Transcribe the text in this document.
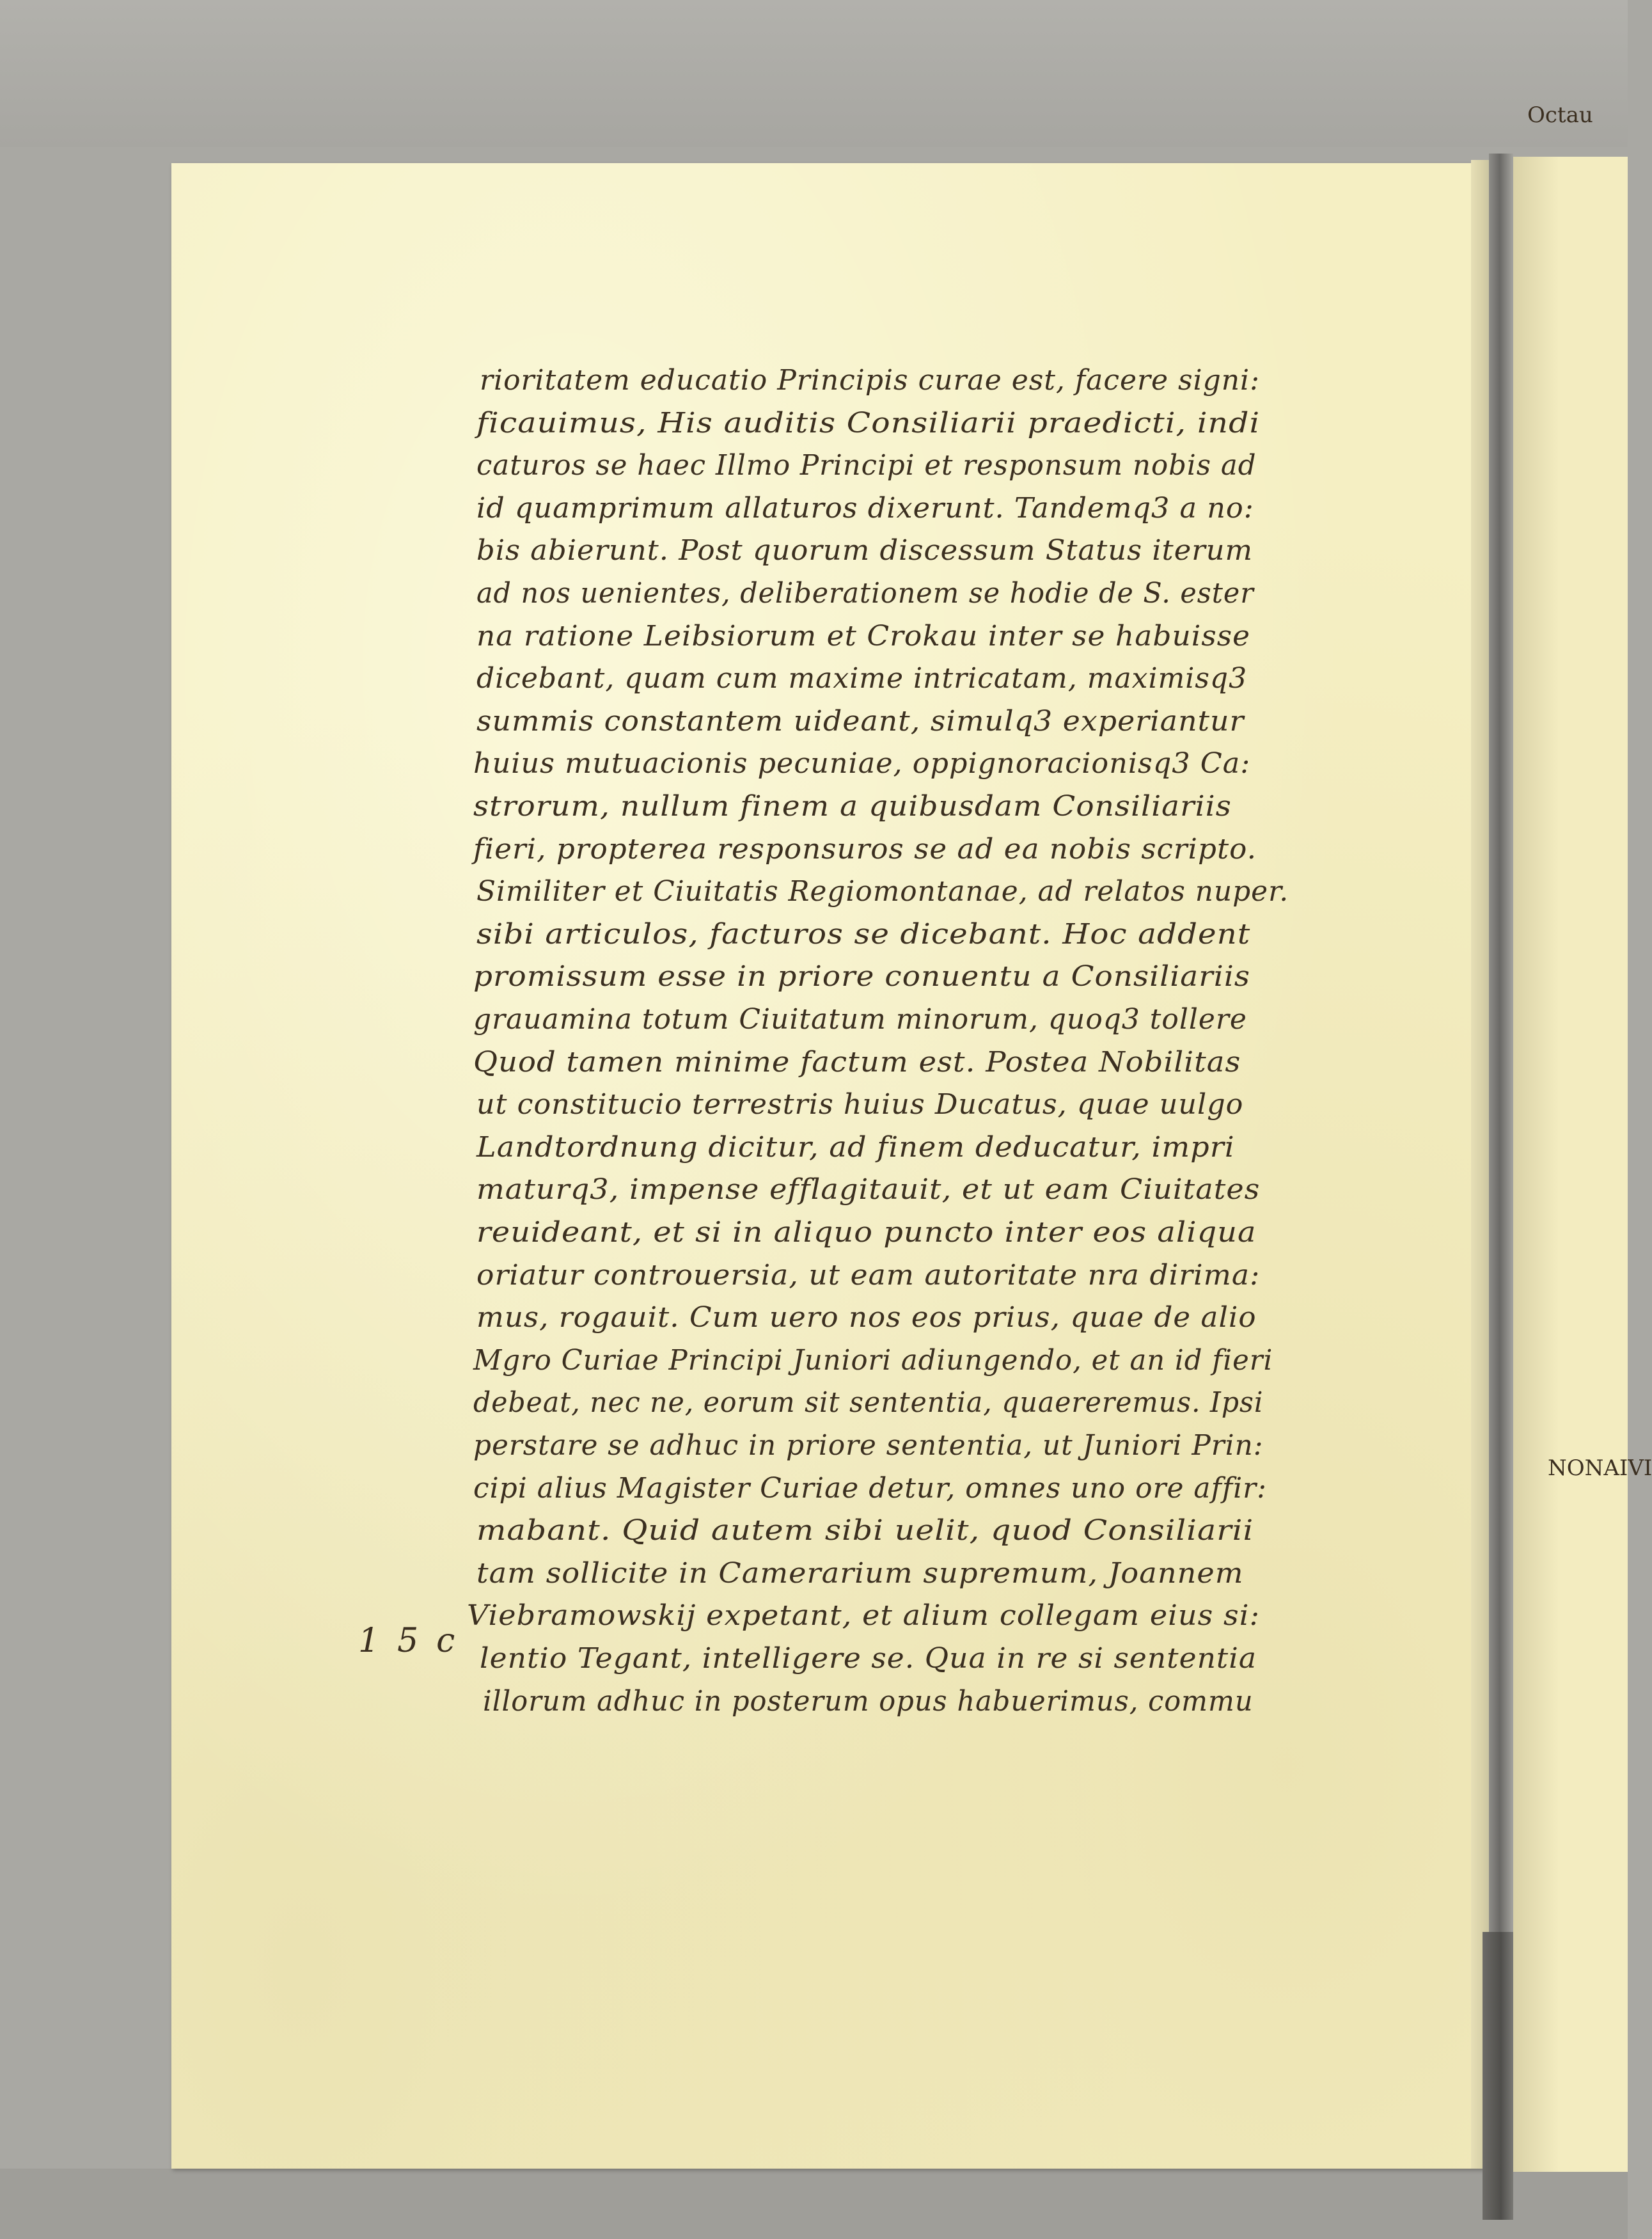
rioritatem educatio Principis curae est, facere signi:

ficauimus, His auditis Consiliarii praedicti, indi

caturos se haec Illmo Principi et responsum nobis ad

id quamprimum allaturos dixerunt. Tandemq3 a no:

bis abierunt. Post quorum discessum Status iterum

ad nos uenientes, deliberationem se hodie de S. ester

na ratione Leibsiorum et Crokau inter se habuisse

dicebant, quam cum maxime intricatam, maximisq3

summis constantem uideant, simulq3 experiantur

huius mutuacionis pecuniae, oppignoracionisq3 Ca:

strorum, nullum finem a quibusdam Consiliariis

fieri, propterea responsuros se ad ea nobis scripto.

Similiter et Ciuitatis Regiomontanae, ad relatos nuper.

sibi articulos, facturos se dicebant. Hoc addent

promissum esse in priore conuentu a Consiliariis

grauamina totum Ciuitatum minorum, quoq3 tollere

Quod tamen minime factum est. Postea Nobilitas

ut constitucio terrestris huius Ducatus, quae uulgo

Landtordnung dicitur, ad finem deducatur, impri

maturq3, impense efflagitauit, et ut eam Ciuitates

reuideant, et si in aliquo puncto inter eos aliqua

oriatur controuersia, ut eam autoritate nra dirima:

mus, rogauit. Cum uero nos eos prius, quae de alio

Mgro Curiae Principi Juniori adiungendo, et an id fieri

debeat, nec ne, eorum sit sententia, quaereremus. Ipsi

perstare se adhuc in priore sententia, ut Juniori Prin:

cipi alius Magister Curiae detur, omnes uno ore affir:

mabant. Quid autem sibi uelit, quod Consiliarii

tam sollicite in Camerarium supremum, Joannem

Viebramowskij expetant, et alium collegam eius si:

lentio Tegant, intelligere se. Qua in re si sententia

illorum adhuc in posterum opus habuerimus, commu

15c
Octau
NONAIVI
